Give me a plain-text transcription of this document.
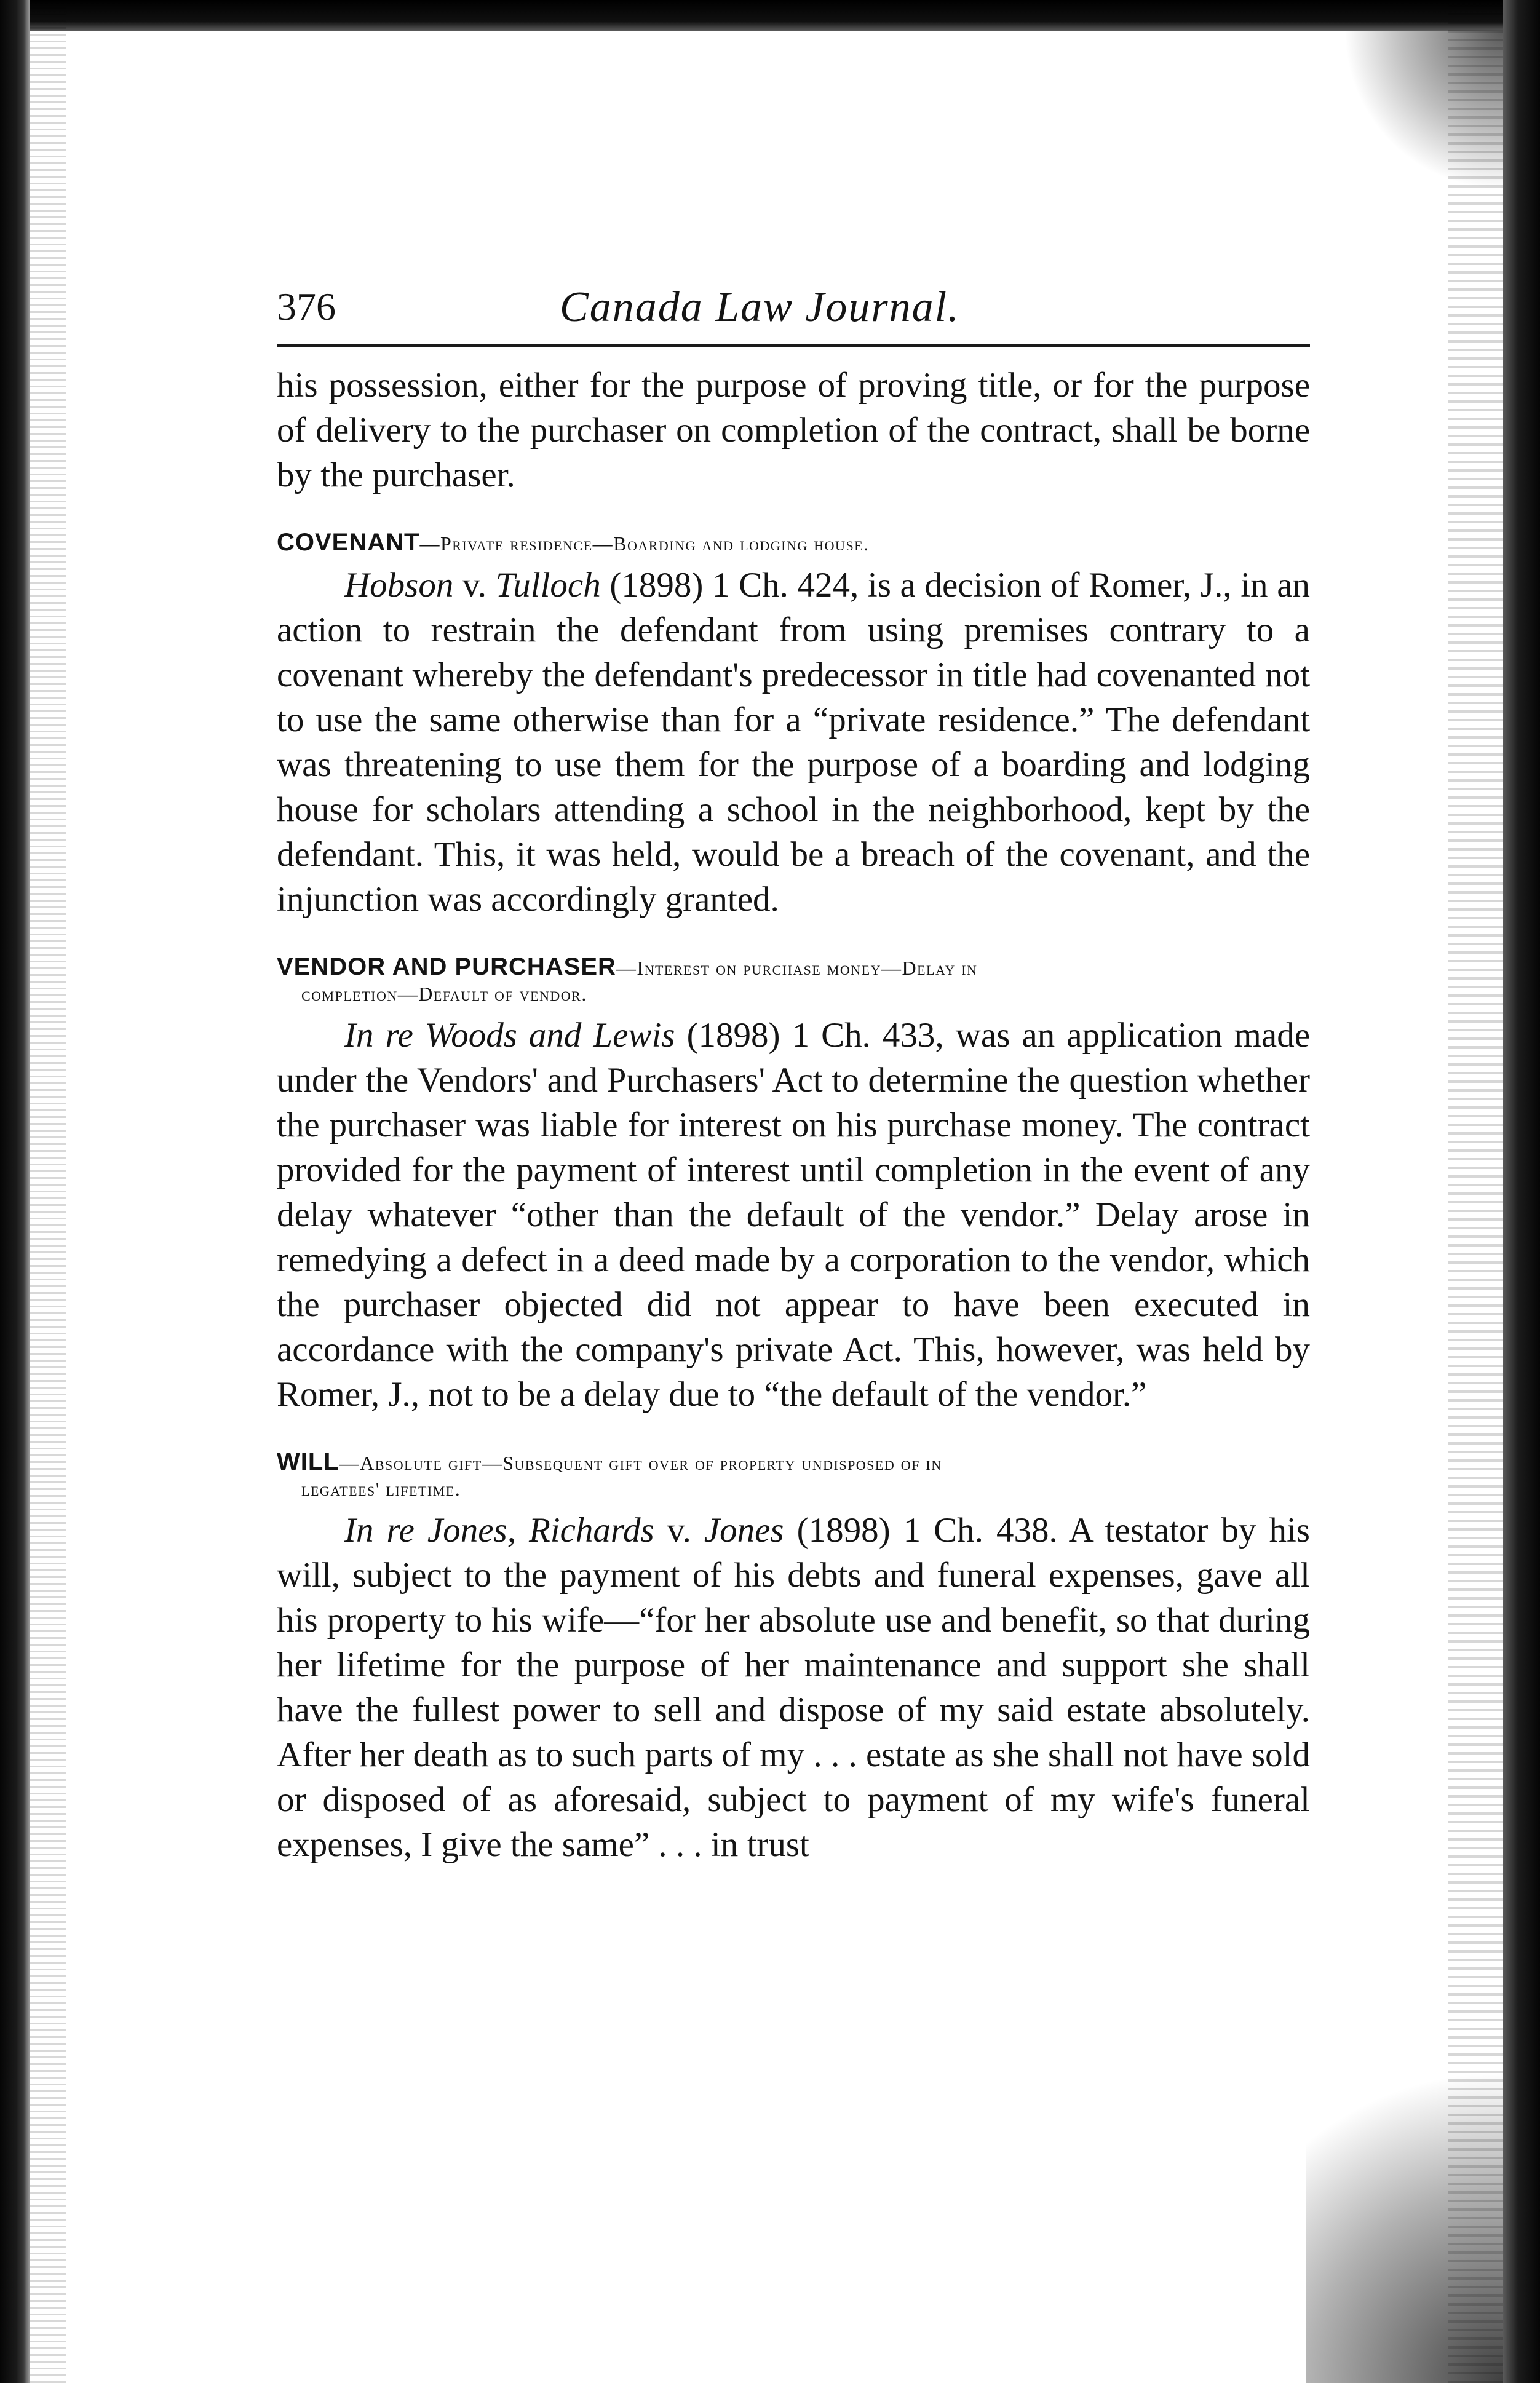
376	Canada Law Journal.

his possession, either for the purpose of proving title, or for the purpose of delivery to the purchaser on completion of the contract, shall be borne by the purchaser.

COVENANT—Private residence—Boarding and lodging house.

Hobson v. Tulloch (1898) 1 Ch. 424, is a decision of Romer, J., in an action to restrain the defendant from using premises contrary to a covenant whereby the defendant's predecessor in title had covenanted not to use the same otherwise than for a “private residence.” The defendant was threatening to use them for the purpose of a boarding and lodging house for scholars attending a school in the neighborhood, kept by the defendant. This, it was held, would be a breach of the covenant, and the injunction was accordingly granted.

VENDOR AND PURCHASER—Interest on purchase money—Delay in
completion—Default of vendor.

In re Woods and Lewis (1898) 1 Ch. 433, was an application made under the Vendors' and Purchasers' Act to determine the question whether the purchaser was liable for interest on his purchase money. The contract provided for the payment of interest until completion in the event of any delay whatever “other than the default of the vendor.” Delay arose in remedying a defect in a deed made by a corporation to the vendor, which the purchaser objected did not appear to have been executed in accordance with the company's private Act. This, however, was held by Romer, J., not to be a delay due to “the default of the vendor.”

WILL—Absolute gift—Subsequent gift over of property undisposed of in
legatees' lifetime.

In re Jones, Richards v. Jones (1898) 1 Ch. 438. A testator by his will, subject to the payment of his debts and funeral expenses, gave all his property to his wife—“for her absolute use and benefit, so that during her lifetime for the purpose of her maintenance and support she shall have the fullest power to sell and dispose of my said estate absolutely. After her death as to such parts of my . . . estate as she shall not have sold or disposed of as aforesaid, subject to payment of my wife's funeral expenses, I give the same” . . . in trust
